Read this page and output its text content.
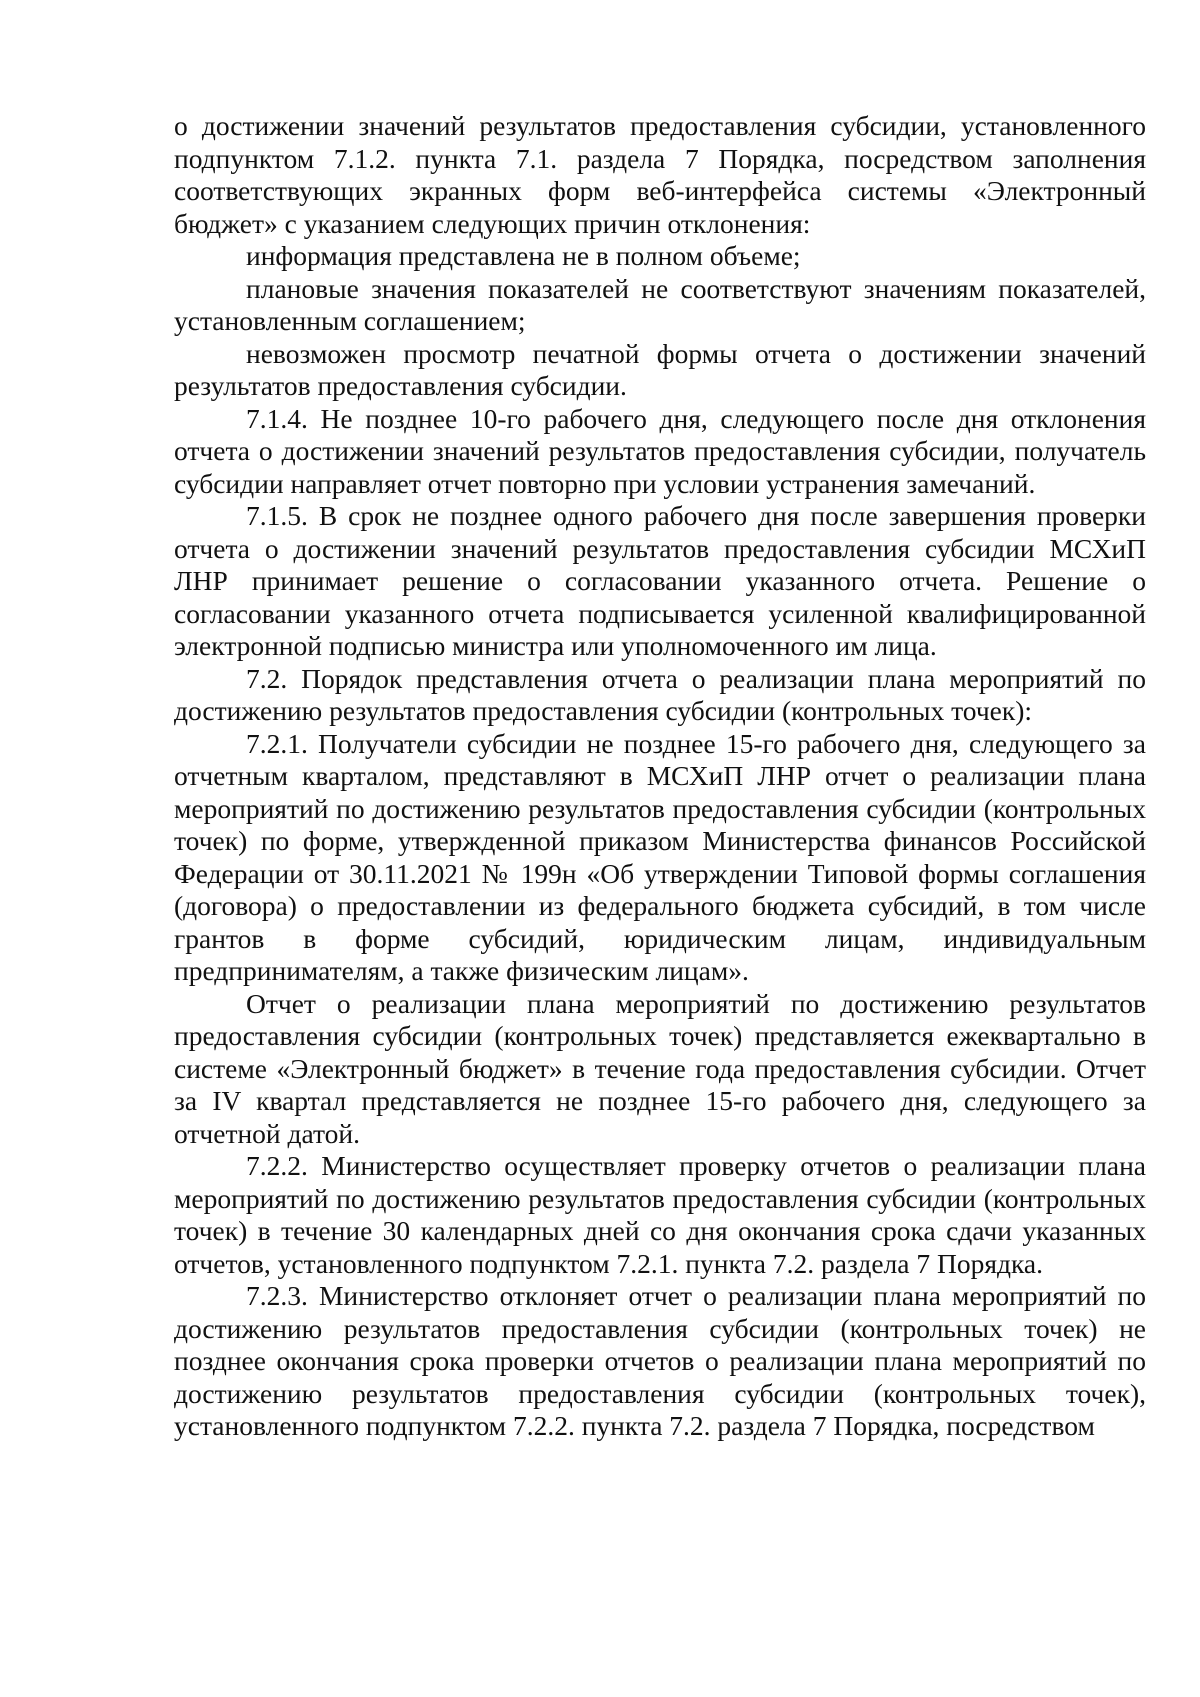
о достижении значений результатов предоставления субсидии, установленного подпунктом 7.1.2. пункта 7.1. раздела 7 Порядка, посредством заполнения соответствующих экранных форм веб-интерфейса системы «Электронный бюджет» с указанием следующих причин отклонения:

информация представлена не в полном объеме;

плановые значения показателей не соответствуют значениям показателей, установленным соглашением;

невозможен просмотр печатной формы отчета о достижении значений результатов предоставления субсидии.

7.1.4. Не позднее 10-го рабочего дня, следующего после дня отклонения отчета о достижении значений результатов предоставления субсидии, получатель субсидии направляет отчет повторно при условии устранения замечаний.

7.1.5. В срок не позднее одного рабочего дня после завершения проверки отчета о достижении значений результатов предоставления субсидии МСХиП ЛНР принимает решение о согласовании указанного отчета. Решение о согласовании указанного отчета подписывается усиленной квалифицированной электронной подписью министра или уполномоченного им лица.

7.2. Порядок представления отчета о реализации плана мероприятий по достижению результатов предоставления субсидии (контрольных точек):

7.2.1. Получатели субсидии не позднее 15-го рабочего дня, следующего за отчетным кварталом, представляют в МСХиП ЛНР отчет о реализации плана мероприятий по достижению результатов предоставления субсидии (контрольных точек) по форме, утвержденной приказом Министерства финансов Российской Федерации от 30.11.2021 № 199н «Об утверждении Типовой формы соглашения (договора) о предоставлении из федерального бюджета субсидий, в том числе грантов в форме субсидий, юридическим лицам, индивидуальным предпринимателям, а также физическим лицам».

Отчет о реализации плана мероприятий по достижению результатов предоставления субсидии (контрольных точек) представляется ежеквартально в системе «Электронный бюджет» в течение года предоставления субсидии. Отчет за IV квартал представляется не позднее 15-го рабочего дня, следующего за отчетной датой.

7.2.2. Министерство осуществляет проверку отчетов о реализации плана мероприятий по достижению результатов предоставления субсидии (контрольных точек) в течение 30 календарных дней со дня окончания срока сдачи указанных отчетов, установленного подпунктом 7.2.1. пункта 7.2. раздела 7 Порядка.

7.2.3. Министерство отклоняет отчет о реализации плана мероприятий по достижению результатов предоставления субсидии (контрольных точек) не позднее окончания срока проверки отчетов о реализации плана мероприятий по достижению результатов предоставления субсидии (контрольных точек), установленного подпунктом 7.2.2. пункта 7.2. раздела 7 Порядка, посредством
